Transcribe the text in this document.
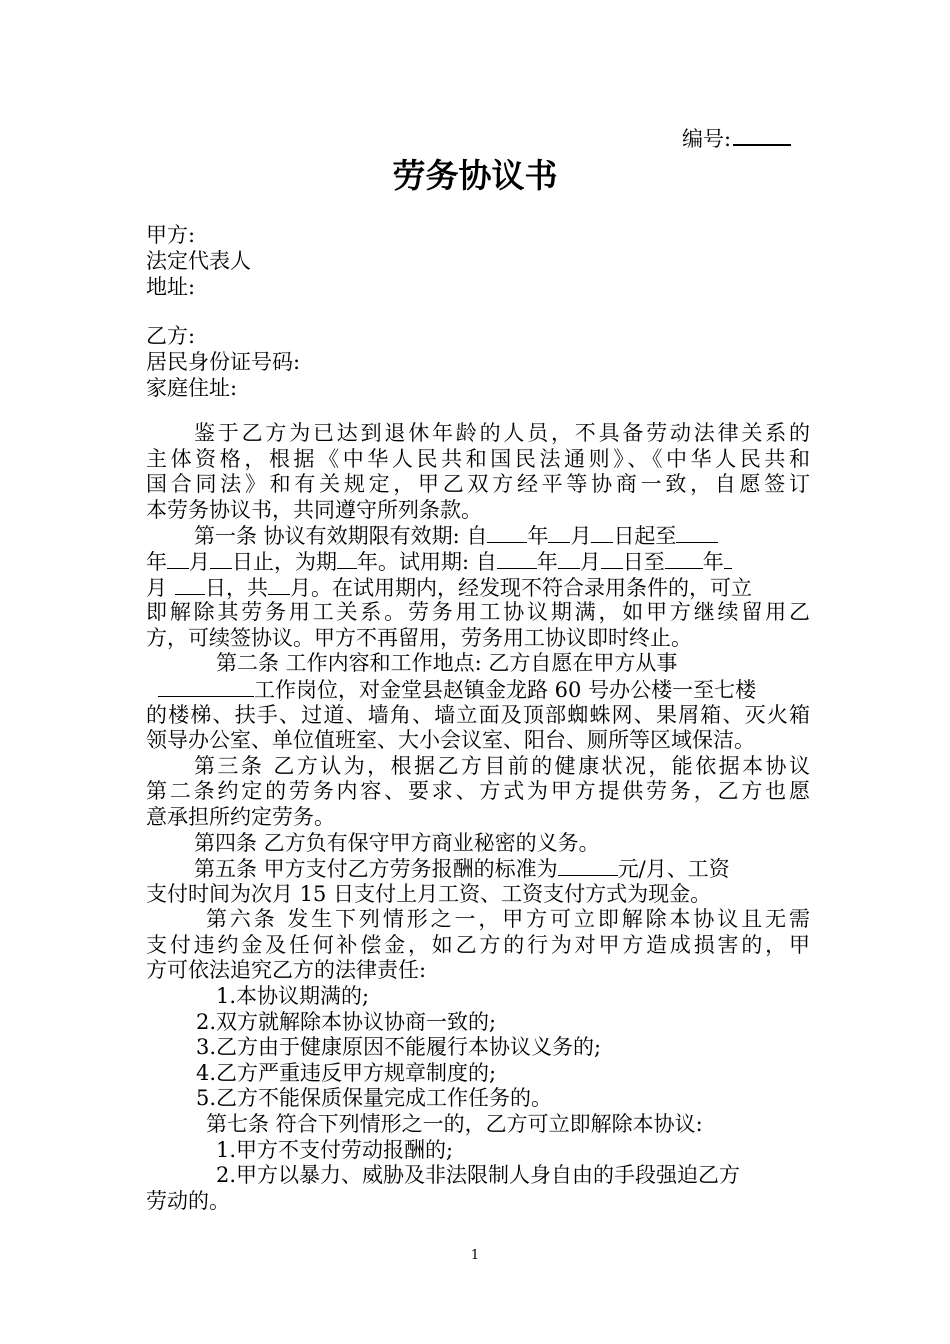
编号:
劳务协议书
甲方:
法定代表人
地址:
乙方:
居民身份证号码:
家庭住址:
鉴于乙方为已达到退休年龄的人员，不具备劳动法律关系的
主体资格，根据《中华人民共和国民法通则》、《中华人民共和
国合同法》和有关规定，甲乙双方经平等协商一致，自愿签订
本劳务协议书，共同遵守所列条款。
第一条 协议有效期限有效期: 自 年 月 日起至
年 月 日止，为期 年。试用期: 自 年 月 日至 年
月 日，共 月。在试用期内，经发现不符合录用条件的，可立
即解除其劳务用工关系。劳务用工协议期满，如甲方继续留用乙
方，可续签协议。甲方不再留用，劳务用工协议即时终止。
第二条 工作内容和工作地点: 乙方自愿在甲方从事
工作岗位，对金堂县赵镇金龙路 60 号办公楼一至七楼
的楼梯、扶手、过道、墙角、墙立面及顶部蜘蛛网、果屑箱、灭火箱
领导办公室、单位值班室、大小会议室、阳台、厕所等区域保洁。
第三条 乙方认为，根据乙方目前的健康状况，能依据本协议
第二条约定的劳务内容、要求、方式为甲方提供劳务，乙方也愿
意承担所约定劳务。
第四条 乙方负有保守甲方商业秘密的义务。
第五条 甲方支付乙方劳务报酬的标准为	元/月、工资
支付时间为次月 15 日支付上月工资、工资支付方式为现金。
第六条 发生下列情形之一，甲方可立即解除本协议且无需
支付违约金及任何补偿金，如乙方的行为对甲方造成损害的，甲
方可依法追究乙方的法律责任:
1.本协议期满的;
2.双方就解除本协议协商一致的;
3.乙方由于健康原因不能履行本协议义务的;
4.乙方严重违反甲方规章制度的;
5.乙方不能保质保量完成工作任务的。
第七条 符合下列情形之一的，乙方可立即解除本协议:
1.甲方不支付劳动报酬的;
2.甲方以暴力、威胁及非法限制人身自由的手段强迫乙方
劳动的。
1
